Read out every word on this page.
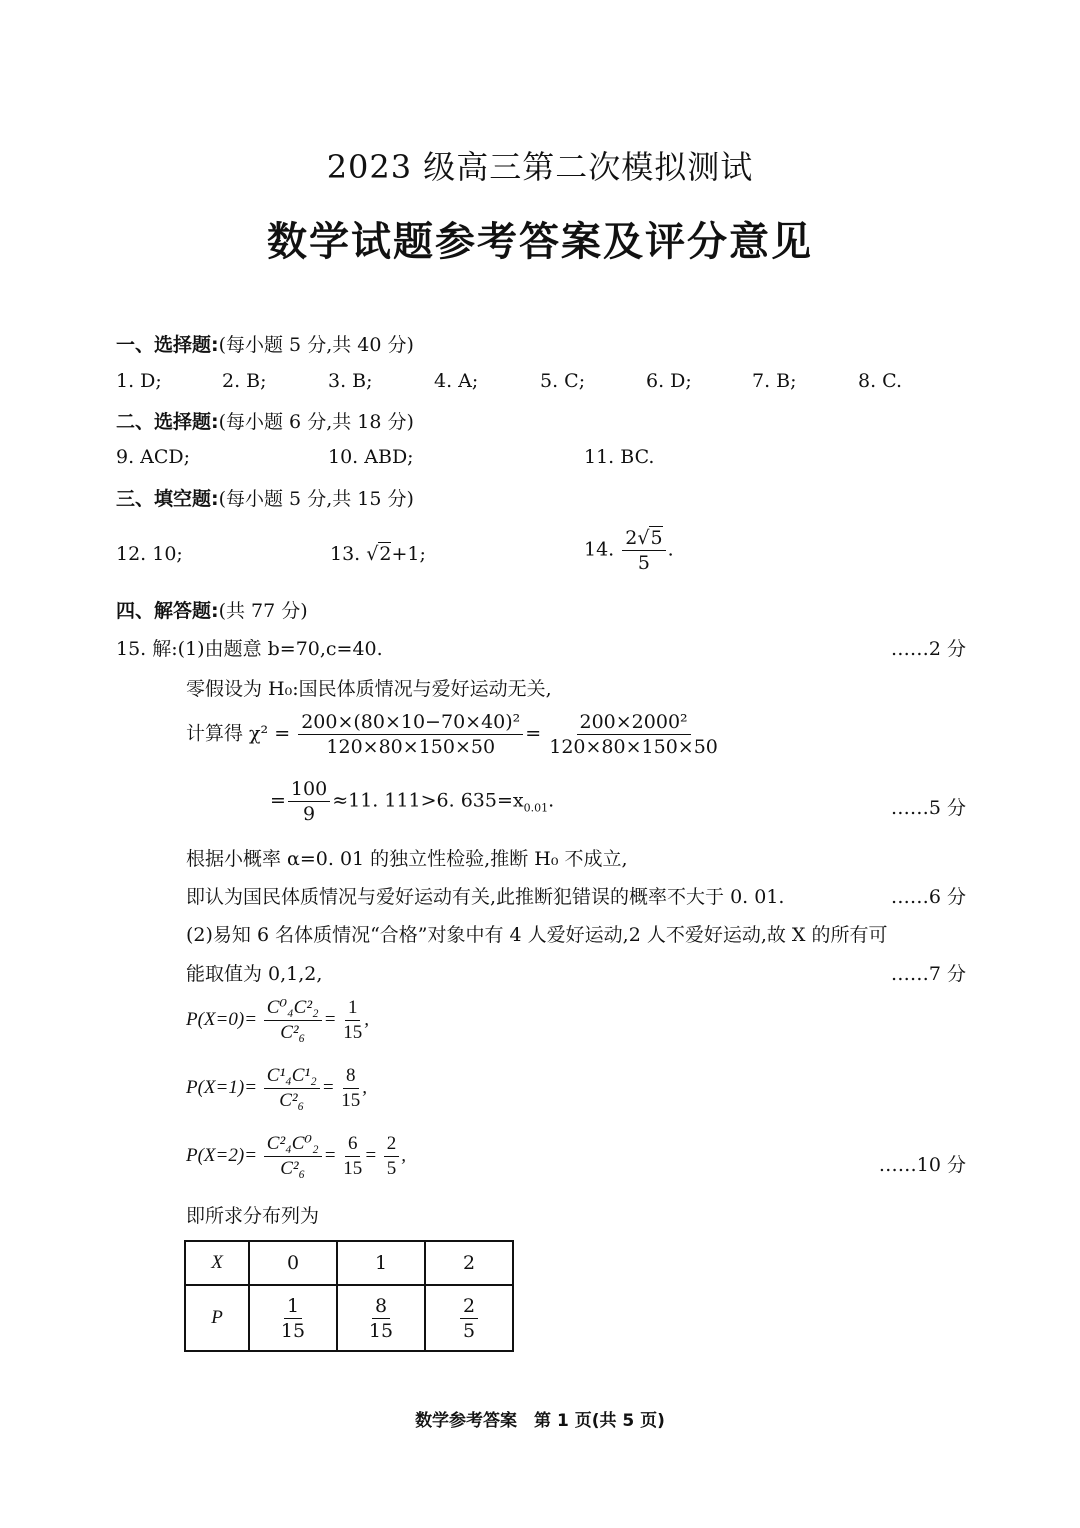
2023 级高三第二次模拟测试
数学试题参考答案及评分意见
一、选择题:(每小题 5 分,共 40 分)
1. D;	2. B;	3. B;	4. A;	5. C;	6. D;	7. B;	8. C.
二、选择题:(每小题 6 分,共 18 分)
9. ACD;	10. ABD;	11. BC.
三、填空题:(每小题 5 分,共 15 分)
12. 10;	13. √2+1;	14. $\frac{2√5}{5}$ .
四、解答题:(共 77 分)
15. 解:(1)由题意 b=70,c=40.	……2 分
零假设为 H₀:国民体质情况与爱好运动无关,
计算得 $\chi^2 = \frac{\text{200×(80×10−70×40)²}}{120\times 80\times 150\times 50} = \frac{\text{200×2000²}}{120\times 80\times 150\times 50}$
= $\frac{100}{9} \approx 11$. 111>6. $635=x_{0.01}$.	……5 分
根据小概率 α=0. 01 的独立性检验,推断 H₀ 不成立,
即认为国民体质情况与爱好运动有关,此推断犯错误的概率不大于 0. 01.	……6 分
(2)易知 6 名体质情况“合格”对象中有 4 人爱好运动,2 人不爱好运动,故 X 的所有可
能取值为 0,1,2,	……7 分
$P(X=0)= \frac{\text{C⁰₄C²₂}}{\text{C²₆}} = \frac{1}{15}$ ,
$P(X=1)= \frac{\text{C¹₄C¹₂}}{\text{C²₆}} = \frac{8}{15}$ ,
$P(X=2)= \frac{\text{C²₄C⁰₂}}{\text{C²₆}} = \frac{6}{15} = \frac{2}{5}$ ,	……10 分
即所求分布列为
X	0	1	2
P	$\frac{1}{15}$	$\frac{8}{15}$	$\frac{2}{5}$
数学参考答案　第 1 页(共 5 页)
